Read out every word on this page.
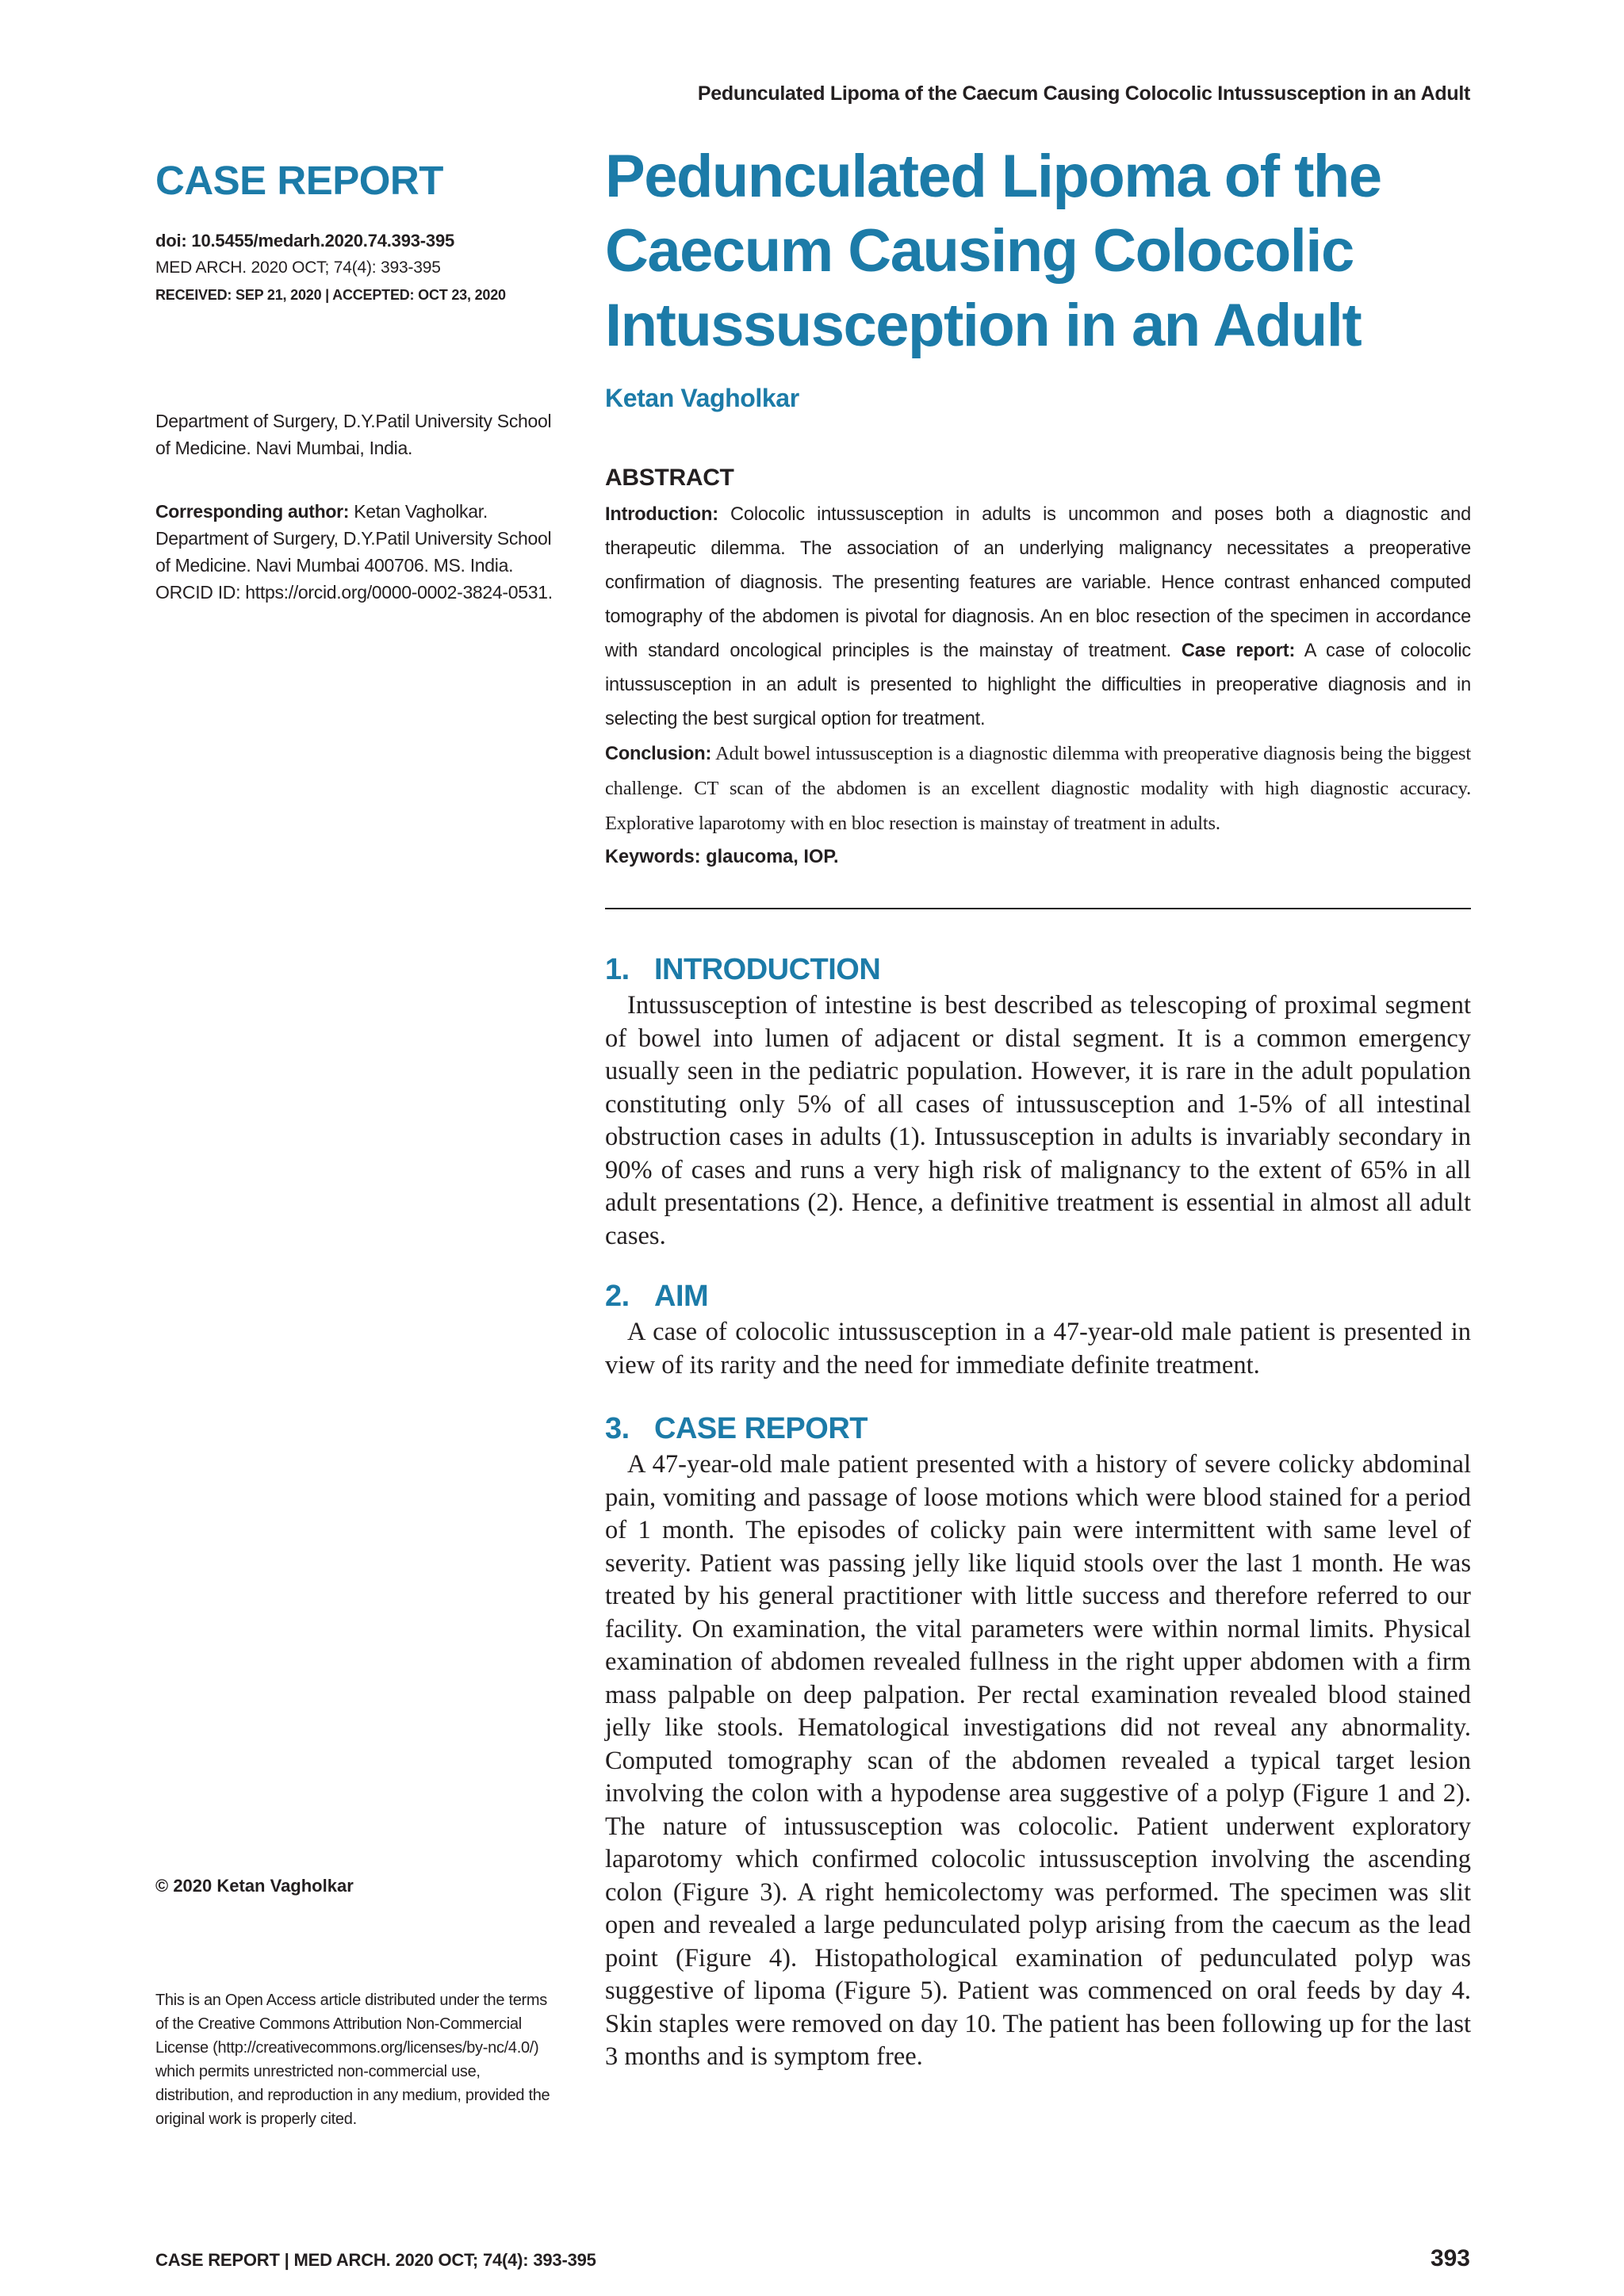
Pedunculated Lipoma of the Caecum Causing Colocolic Intussusception in an Adult
CASE REPORT
doi: 10.5455/medarh.2020.74.393-395
MED ARCH. 2020 OCT; 74(4): 393-395
RECEIVED: SEP 21, 2020 | ACCEPTED: OCT 23, 2020
Department of Surgery, D.Y.Patil University School of Medicine. Navi Mumbai, India.
Corresponding author: Ketan Vagholkar. Department of Surgery, D.Y.Patil University School of Medicine. Navi Mumbai 400706. MS. India. ORCID ID: https://orcid.org/0000-0002-3824-0531.
© 2020 Ketan Vagholkar
This is an Open Access article distributed under the terms of the Creative Commons Attribution Non-Commercial License (http://creativecommons.org/licenses/by-nc/4.0/) which permits unrestricted non-commercial use, distribution, and reproduction in any medium, provided the original work is properly cited.
Pedunculated Lipoma of the Caecum Causing Colocolic Intussusception in an Adult
Ketan Vagholkar
ABSTRACT
Introduction: Colocolic intussusception in adults is uncommon and poses both a diagnostic and therapeutic dilemma. The association of an underlying malignancy necessitates a preoperative confirmation of diagnosis. The presenting features are variable. Hence contrast enhanced computed tomography of the abdomen is pivotal for diagnosis. An en bloc resection of the specimen in accordance with standard oncological principles is the mainstay of treatment. Case report: A case of colocolic intussusception in an adult is presented to highlight the difficulties in preoperative diagnosis and in selecting the best surgical option for treatment.
Conclusion: Adult bowel intussusception is a diagnostic dilemma with preoperative diagnosis being the biggest challenge. CT scan of the abdomen is an excellent diagnostic modality with high diagnostic accuracy. Explorative laparotomy with en bloc resection is mainstay of treatment in adults.
Keywords: glaucoma, IOP.
1. INTRODUCTION
Intussusception of intestine is best described as telescoping of proximal segment of bowel into lumen of adjacent or distal segment. It is a common emergency usually seen in the pediatric population. However, it is rare in the adult population constituting only 5% of all cases of intussusception and 1-5% of all intestinal obstruction cases in adults (1). Intussusception in adults is invariably secondary in 90% of cases and runs a very high risk of malignancy to the extent of 65% in all adult presentations (2). Hence, a definitive treatment is essential in almost all adult cases.
2. AIM
A case of colocolic intussusception in a 47-year-old male patient is presented in view of its rarity and the need for immediate definite treatment.
3. CASE REPORT
A 47-year-old male patient presented with a history of severe colicky abdominal pain, vomiting and passage of loose motions which were blood stained for a period of 1 month. The episodes of colicky pain were intermittent with same level of severity. Patient was passing jelly like liquid stools over the last 1 month. He was treated by his general practitioner with little success and therefore referred to our facility. On examination, the vital parameters were within normal limits. Physical examination of abdomen revealed fullness in the right upper abdomen with a firm mass palpable on deep palpation. Per rectal examination revealed blood stained jelly like stools. Hematological investigations did not reveal any abnormality. Computed tomography scan of the abdomen revealed a typical target lesion involving the colon with a hypodense area suggestive of a polyp (Figure 1 and 2). The nature of intussusception was colocolic. Patient underwent exploratory laparotomy which confirmed colocolic intussusception involving the ascending colon (Figure 3). A right hemicolectomy was performed. The specimen was slit open and revealed a large pedunculated polyp arising from the caecum as the lead point (Figure 4). Histopathological examination of pedunculated polyp was suggestive of lipoma (Figure 5). Patient was commenced on oral feeds by day 4. Skin staples were removed on day 10. The patient has been following up for the last 3 months and is symptom free.
CASE REPORT | MED ARCH. 2020 OCT; 74(4): 393-395	393
